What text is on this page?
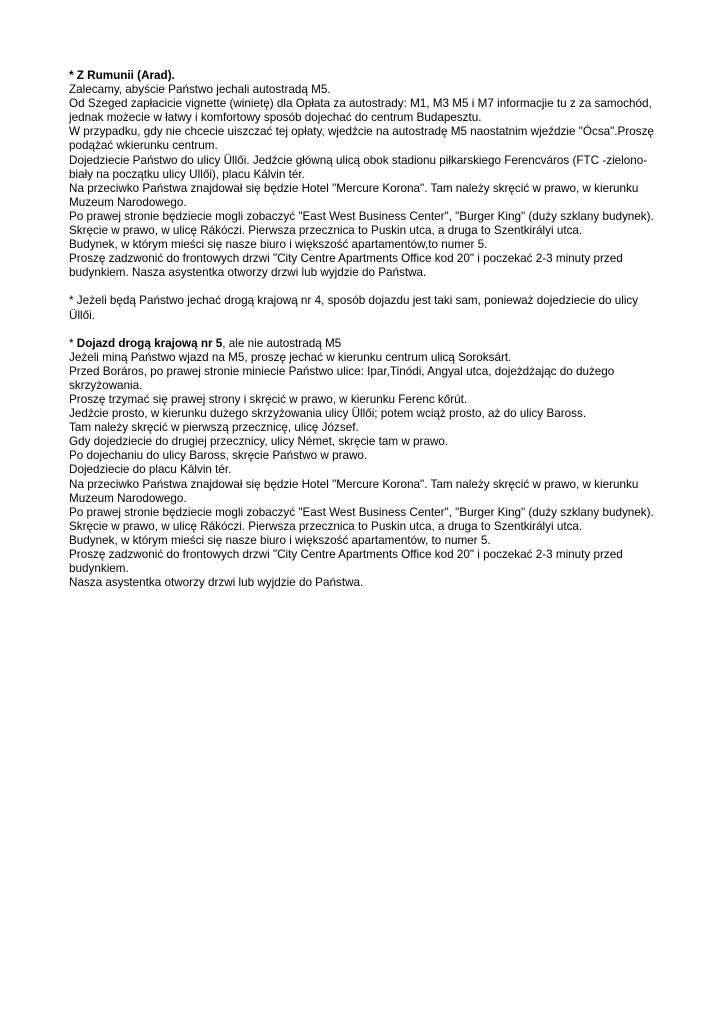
* Z Rumunii (Arad).

Zalecamy, abyście Państwo jechali autostradą M5.

Od Szeged zapłacicie vignette (winietę) dla Opłata za autostrady: M1, M3 M5 i M7 informacjie tu z za samochód, jednak możecie w łatwy i komfortowy sposób dojechać do centrum Budapesztu.

W przypadku, gdy nie chcecie uiszczać tej opłaty, wjedźcie na autostradę M5 naostatnim wjeździe "Ócsa".Proszę podążać wkierunku centrum.

Dojedziecie Państwo do ulicy Üllői. Jedźcie główną ulicą obok stadionu piłkarskiego Ferencváros (FTC -zielono-biały na początku ulicy Ullői), placu Kálvin tér.

Na przeciwko Państwa znajdował się będzie Hotel "Mercure Korona". Tam należy skręcić w prawo, w kierunku Muzeum Narodowego.

Po prawej stronie będziecie mogli zobaczyć "East West Business Center", "Burger King" (duży szklany budynek).

Skręcie w prawo, w ulicę Rákóczi. Pierwsza przecznica to Puskin utca, a druga to Szentkirályi utca.

Budynek, w którym mieści się nasze biuro i większość apartamentów,to numer 5.

Proszę zadzwonić do frontowych drzwi "City Centre Apartments Office kod 20" i poczekać 2-3 minuty przed budynkiem. Nasza asystentka otworzy drzwi lub wyjdzie do Państwa.

* Jeżeli będą Państwo jechać drogą krajową nr 4, sposób dojazdu jest taki sam, ponieważ dojedziecie do ulicy Üllői.

* Dojazd drogą krajową nr 5, ale nie autostradą M5

Jeżeli miną Państwo wjazd na M5, proszę jechać w kierunku centrum ulicą Soroksárt.

Przed Boráros, po prawej stronie miniecie Państwo ulice: Ipar,Tinódi, Angyal utca, dojeżdżając do dużego skrzyżowania.

Proszę trzymać się prawej strony i skręcić w prawo, w kierunku Ferenc kőrút.

Jedźcie prosto, w kierunku dużego skrzyżowania ulicy Üllői; potem wciąż prosto, aż do ulicy Baross.

Tam należy skręcić w pierwszą przecznicę, ulicę József.

Gdy dojedziecie do drugiej przecznicy, ulicy Német, skręcie tam w prawo.

Po dojechaniu do ulicy Baross, skręcie Państwo w prawo.

Dojedziecie do placu Kálvin tér.

Na przeciwko Państwa znajdował się będzie Hotel "Mercure Korona". Tam należy skręcić w prawo, w kierunku Muzeum Narodowego.

Po prawej stronie będziecie mogli zobaczyć "East West Business Center", "Burger King" (duży szklany budynek).

Skręcie w prawo, w ulicę Rákóczi. Pierwsza przecznica to Puskin utca, a druga to Szentkirályi utca.

Budynek, w którym mieści się nasze biuro i większość apartamentów, to numer 5.

Proszę zadzwonić do frontowych drzwi "City Centre Apartments Office kod 20" i poczekać 2-3 minuty przed budynkiem.

Nasza asystentka otworzy drzwi lub wyjdzie do Państwa.
